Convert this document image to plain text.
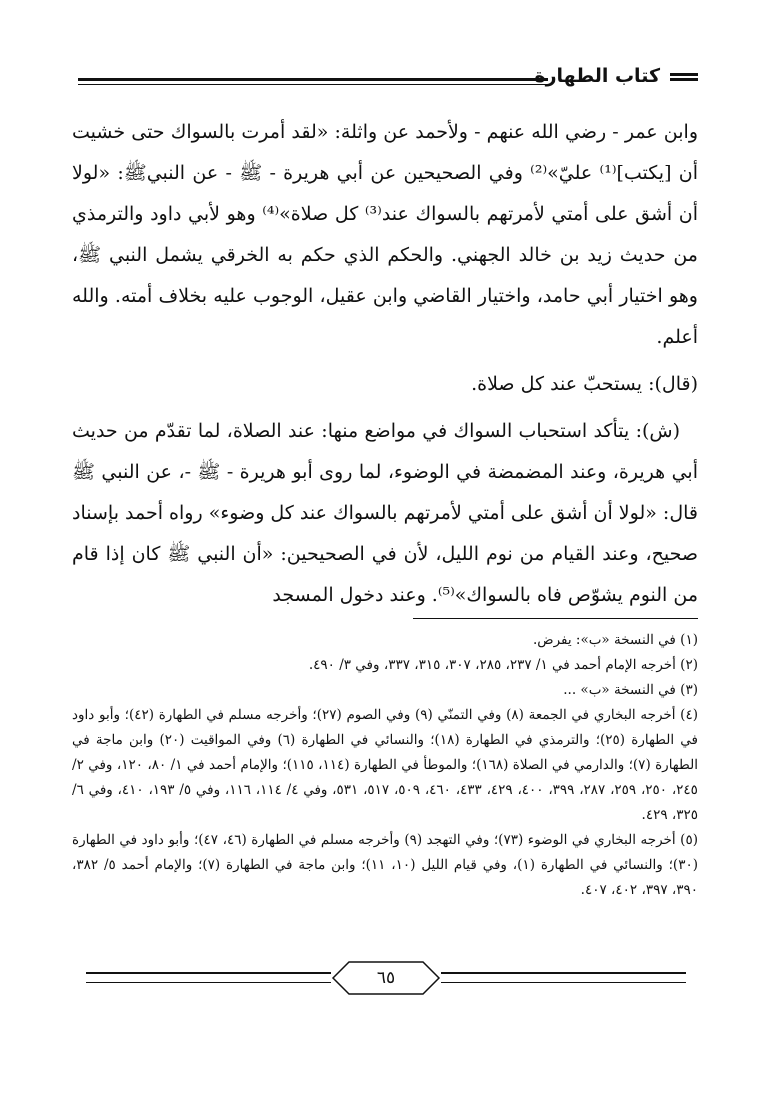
كتاب الطهارة

وابن عمر - رضي الله عنهم - ولأحمد عن واثلة: «لقد أمرت بالسواك حتى خشيت أن [يكتب]⁽¹⁾ عليّ»⁽²⁾ وفي الصحيحين عن أبي هريرة - ﷺ - عن النبيﷺ: «لولا أن أشق على أمتي لأمرتهم بالسواك عند⁽³⁾ كل صلاة»⁽⁴⁾ وهو لأبي داود والترمذي من حديث زيد بن خالد الجهني. والحكم الذي حكم به الخرقي يشمل النبي ﷺ، وهو اختيار أبي حامد، واختيار القاضي وابن عقيل، الوجوب عليه بخلاف أمته. والله أعلم.

(قال): يستحبّ عند كل صلاة.

(ش): يتأكد استحباب السواك في مواضع منها: عند الصلاة، لما تقدّم من حديث أبي هريرة، وعند المضمضة في الوضوء، لما روى أبو هريرة - ﷺ -، عن النبي ﷺ قال: «لولا أن أشق على أمتي لأمرتهم بالسواك عند كل وضوء» رواه أحمد بإسناد صحيح، وعند القيام من نوم الليل، لأن في الصحيحين: «أن النبي ﷺ كان إذا قام من النوم يشوّص فاه بالسواك»⁽⁵⁾. وعند دخول المسجد

(١) في النسخة «ب»: يفرض.

(٢) أخرجه الإمام أحمد في ١/ ٢٣٧، ٢٨٥، ٣٠٧، ٣١٥، ٣٣٧، وفي ٣/ ٤٩٠.

(٣) في النسخة «ب» ...

(٤) أخرجه البخاري في الجمعة (٨) وفي التمنّي (٩) وفي الصوم (٢٧)؛ وأخرجه مسلم في الطهارة (٤٢)؛ وأبو داود في الطهارة (٢٥)؛ والترمذي في الطهارة (١٨)؛ والنسائي في الطهارة (٦) وفي المواقيت (٢٠) وابن ماجة في الطهارة (٧)؛ والدارمي في الصلاة (١٦٨)؛ والموطأ في الطهارة (١١٤، ١١٥)؛ والإمام أحمد في ١/ ٨٠، ١٢٠، وفي ٢/ ٢٤٥، ٢٥٠، ٢٥٩، ٢٨٧، ٣٩٩، ٤٠٠، ٤٢٩، ٤٣٣، ٤٦٠، ٥٠٩، ٥١٧، ٥٣١، وفي ٤/ ١١٤، ١١٦، وفي ٥/ ١٩٣، ٤١٠، وفي ٦/ ٣٢٥، ٤٢٩.

(٥) أخرجه البخاري في الوضوء (٧٣)؛ وفي التهجد (٩) وأخرجه مسلم في الطهارة (٤٦، ٤٧)؛ وأبو داود في الطهارة (٣٠)؛ والنسائي في الطهارة (١)، وفي قيام الليل (١٠، ١١)؛ وابن ماجة في الطهارة (٧)؛ والإمام أحمد ٥/ ٣٨٢، ٣٩٠، ٣٩٧، ٤٠٢، ٤٠٧.

٦٥
